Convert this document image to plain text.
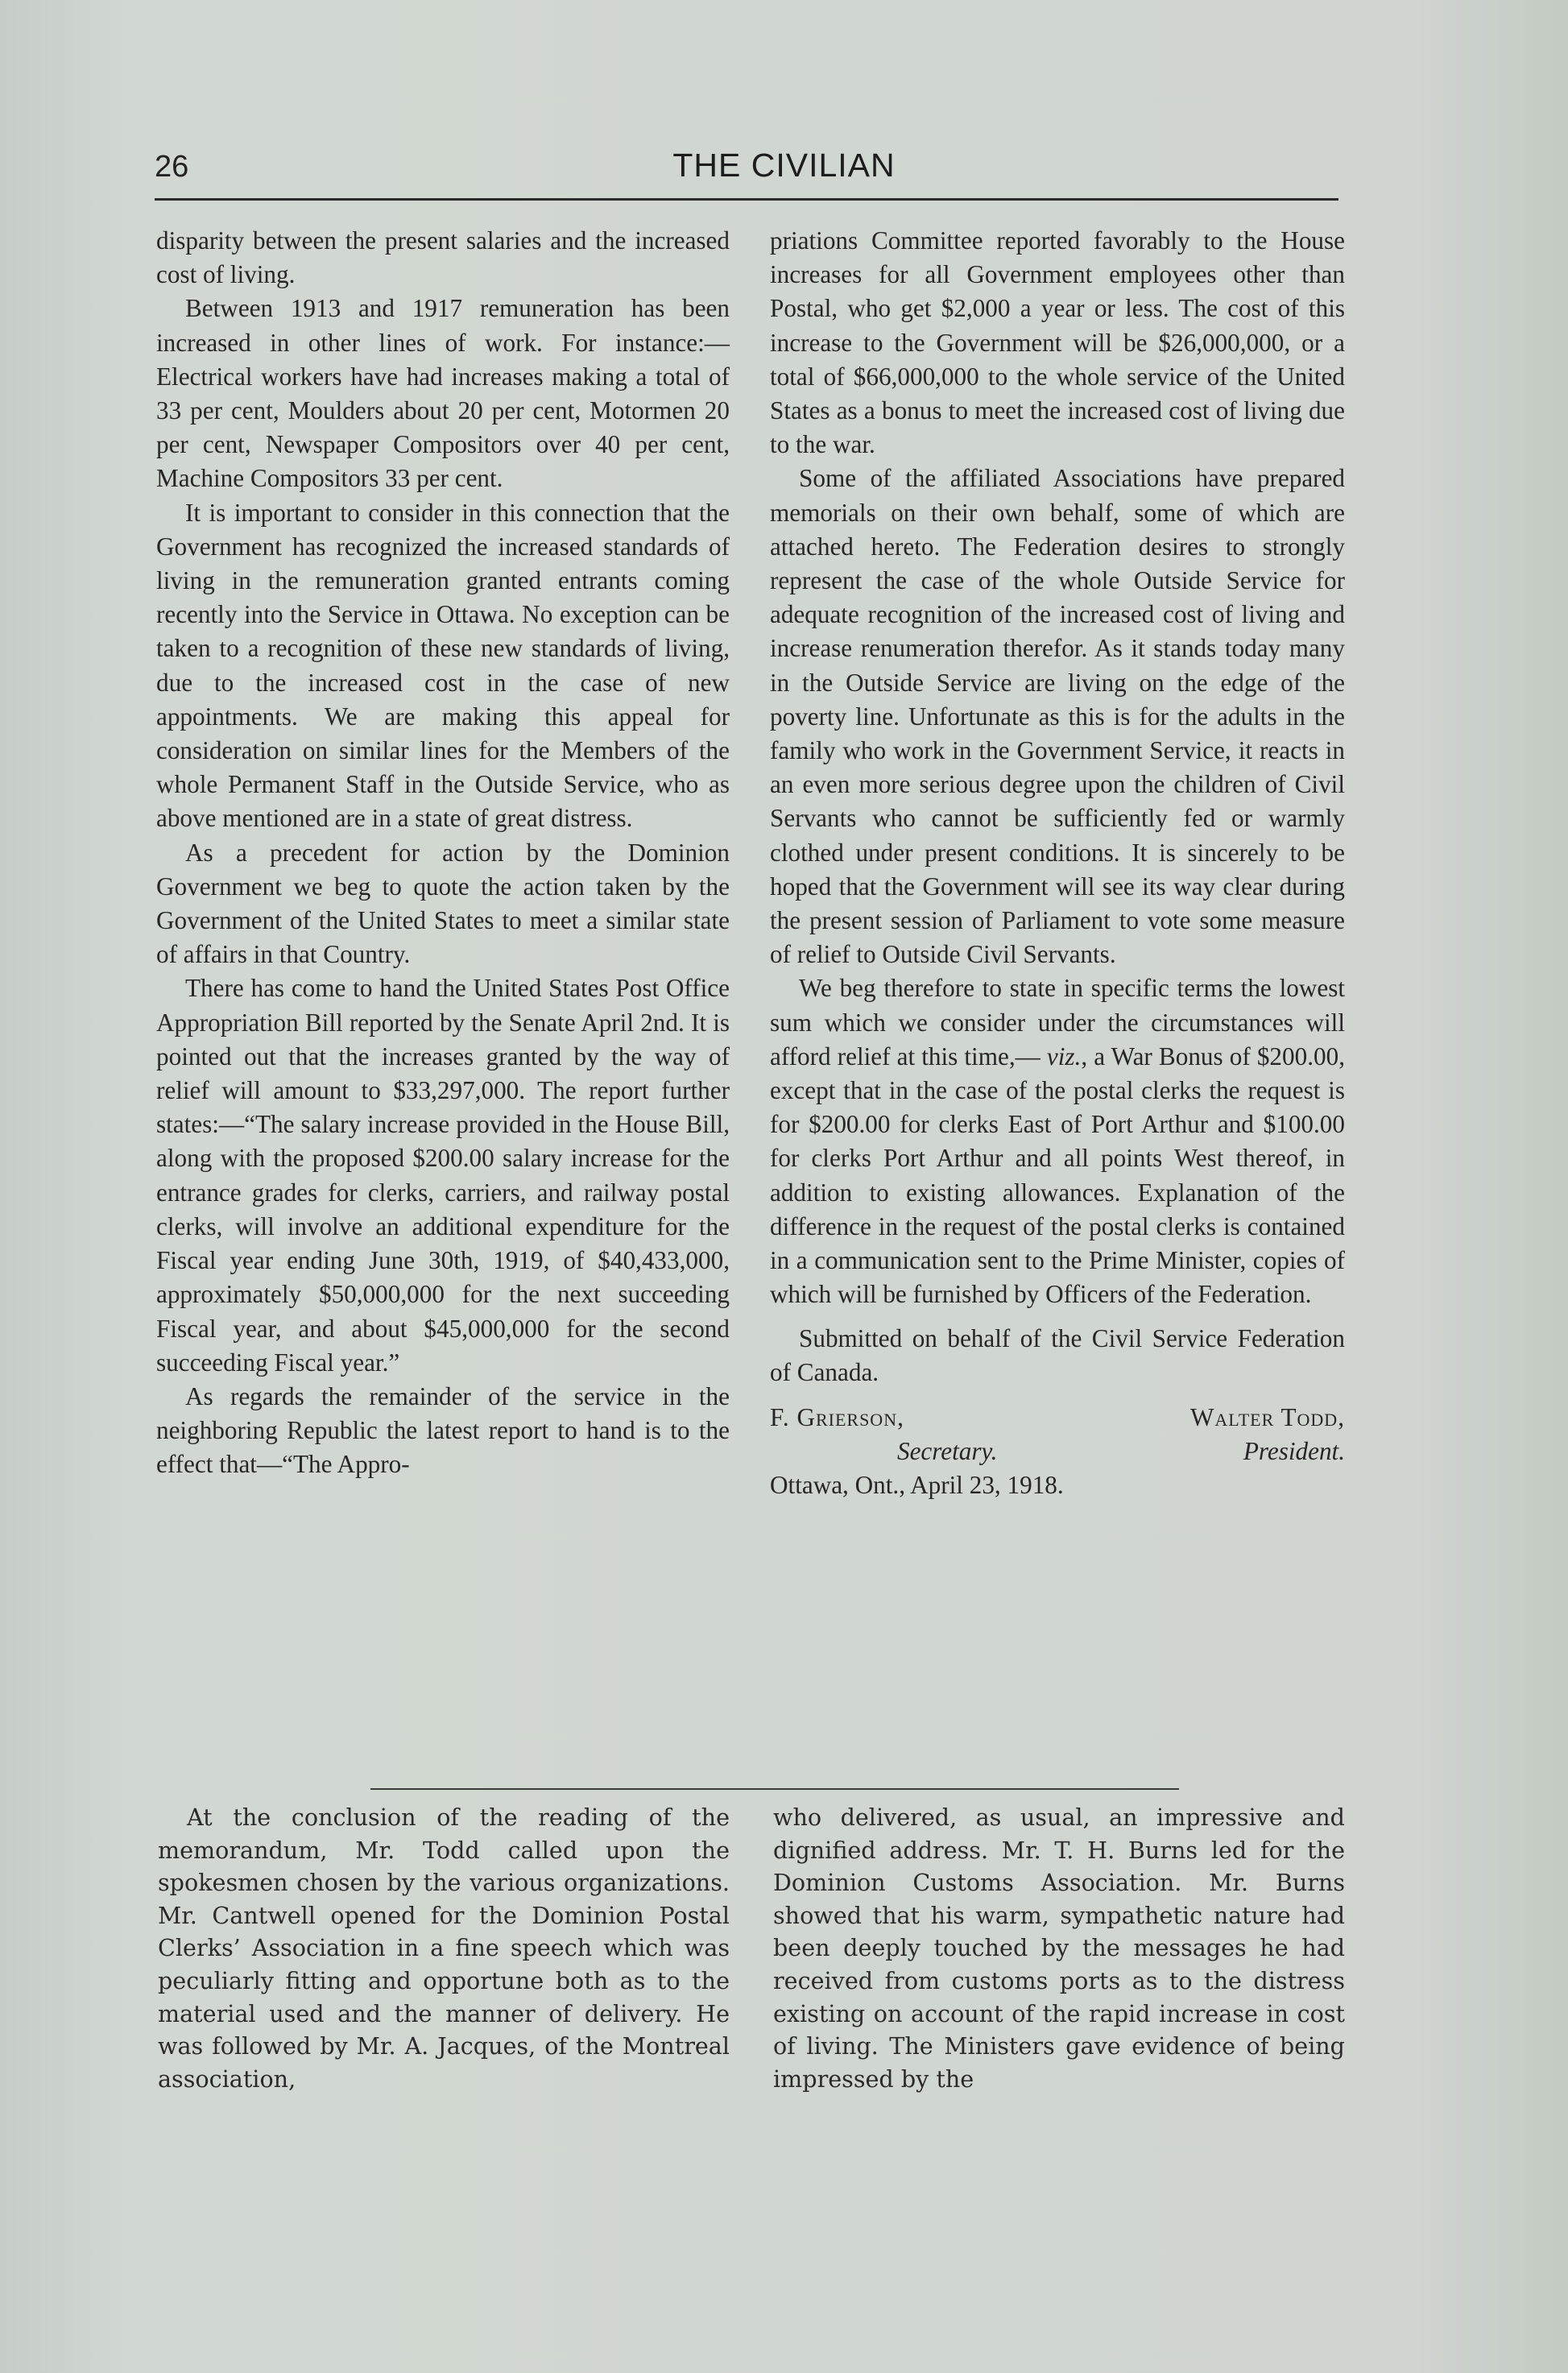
26	THE CIVILIAN

disparity between the present salaries and the increased cost of living.

Between 1913 and 1917 remuneration has been increased in other lines of work. For instance:—Electrical workers have had increases making a total of 33 per cent, Moulders about 20 per cent, Motormen 20 per cent, Newspaper Compositors over 40 per cent, Machine Compositors 33 per cent.

It is important to consider in this connection that the Government has recognized the increased standards of living in the remuneration granted entrants coming recently into the Service in Ottawa. No exception can be taken to a recognition of these new standards of living, due to the increased cost in the case of new appointments. We are making this appeal for consideration on similar lines for the Members of the whole Permanent Staff in the Outside Service, who as above mentioned are in a state of great distress.

As a precedent for action by the Dominion Government we beg to quote the action taken by the Government of the United States to meet a similar state of affairs in that Country.

There has come to hand the United States Post Office Appropriation Bill reported by the Senate April 2nd. It is pointed out that the increases granted by the way of relief will amount to $33,297,000. The report further states:—“The salary increase provided in the House Bill, along with the proposed $200.00 salary increase for the entrance grades for clerks, carriers, and railway postal clerks, will involve an additional expenditure for the Fiscal year ending June 30th, 1919, of $40,433,000, approximately $50,000,000 for the next succeeding Fiscal year, and about $45,000,000 for the second succeeding Fiscal year.”

As regards the remainder of the service in the neighboring Republic the latest report to hand is to the effect that—“The Appro-

priations Committee reported favorably to the House increases for all Government employees other than Postal, who get $2,000 a year or less. The cost of this increase to the Government will be $26,000,000, or a total of $66,000,000 to the whole service of the United States as a bonus to meet the increased cost of living due to the war.

Some of the affiliated Associations have prepared memorials on their own behalf, some of which are attached hereto. The Federation desires to strongly represent the case of the whole Outside Service for adequate recognition of the increased cost of living and increase renumeration therefor. As it stands today many in the Outside Service are living on the edge of the poverty line. Unfortunate as this is for the adults in the family who work in the Government Service, it reacts in an even more serious degree upon the children of Civil Servants who cannot be sufficiently fed or warmly clothed under present conditions. It is sincerely to be hoped that the Government will see its way clear during the present session of Parliament to vote some measure of relief to Outside Civil Servants.

We beg therefore to state in specific terms the lowest sum which we consider under the circumstances will afford relief at this time,— viz., a War Bonus of $200.00, except that in the case of the postal clerks the request is for $200.00 for clerks East of Port Arthur and $100.00 for clerks Port Arthur and all points West thereof, in addition to existing allowances. Explanation of the difference in the request of the postal clerks is contained in a communication sent to the Prime Minister, copies of which will be furnished by Officers of the Federation.

Submitted on behalf of the Civil Service Federation of Canada.

F. Grierson,
Secretary.
Walter Todd,
President.

Ottawa, Ont., April 23, 1918.

At the conclusion of the reading of the memorandum, Mr. Todd called upon the spokesmen chosen by the various organizations. Mr. Cantwell opened for the Dominion Postal Clerks’ Association in a fine speech which was peculiarly fitting and opportune both as to the material used and the manner of delivery. He was followed by Mr. A. Jacques, of the Montreal association,

who delivered, as usual, an impressive and dignified address. Mr. T. H. Burns led for the Dominion Customs Association. Mr. Burns showed that his warm, sympathetic nature had been deeply touched by the messages he had received from customs ports as to the distress existing on account of the rapid increase in cost of living. The Ministers gave evidence of being impressed by the
